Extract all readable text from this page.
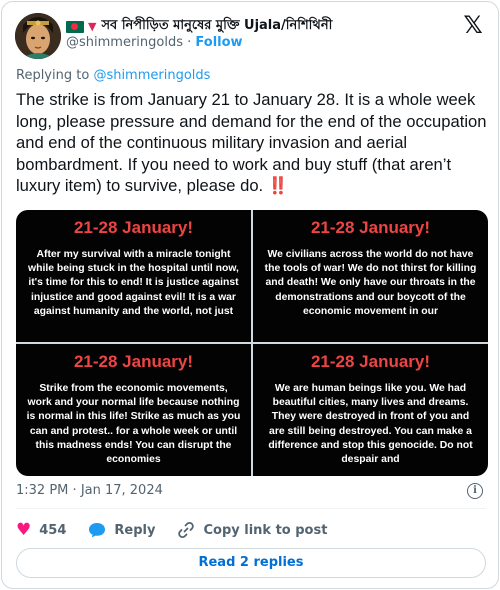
▼ সব নিপীড়িত মানুষের মুক্তি Ujala/নিশিথিনী
@shimmeringolds · Follow
𝕏
Replying to @shimmeringolds
The strike is from January 21 to January 28. It is a whole week long, please pressure and demand for the end of the occupation and end of the continuous military invasion and aerial bombardment. If you need to work and buy stuff (that aren’t luxury item) to survive, please do. ‼️
21-28 January!
After my survival with a miracle tonight while being stuck in the hospital until now, it's time for this to end! It is justice against injustice and good against evil! It is a war against humanity and the world, not just
21-28 January!
We civilians across the world do not have the tools of war! We do not thirst for killing and death! We only have our throats in the demonstrations and our boycott of the economic movement in our
21-28 January!
Strike from the economic movements, work and your normal life because nothing is normal in this life! Strike as much as you can and protest.. for a whole week or until this madness ends! You can disrupt the economies
21-28 January!
We are human beings like you. We had beautiful cities, many lives and dreams. They were destroyed in front of you and are still being destroyed. You can make a difference and stop this genocide. Do not despair and
1:32 PM · Jan 17, 2024	i
♥ 454	Reply	Copy link to post
Read 2 replies
